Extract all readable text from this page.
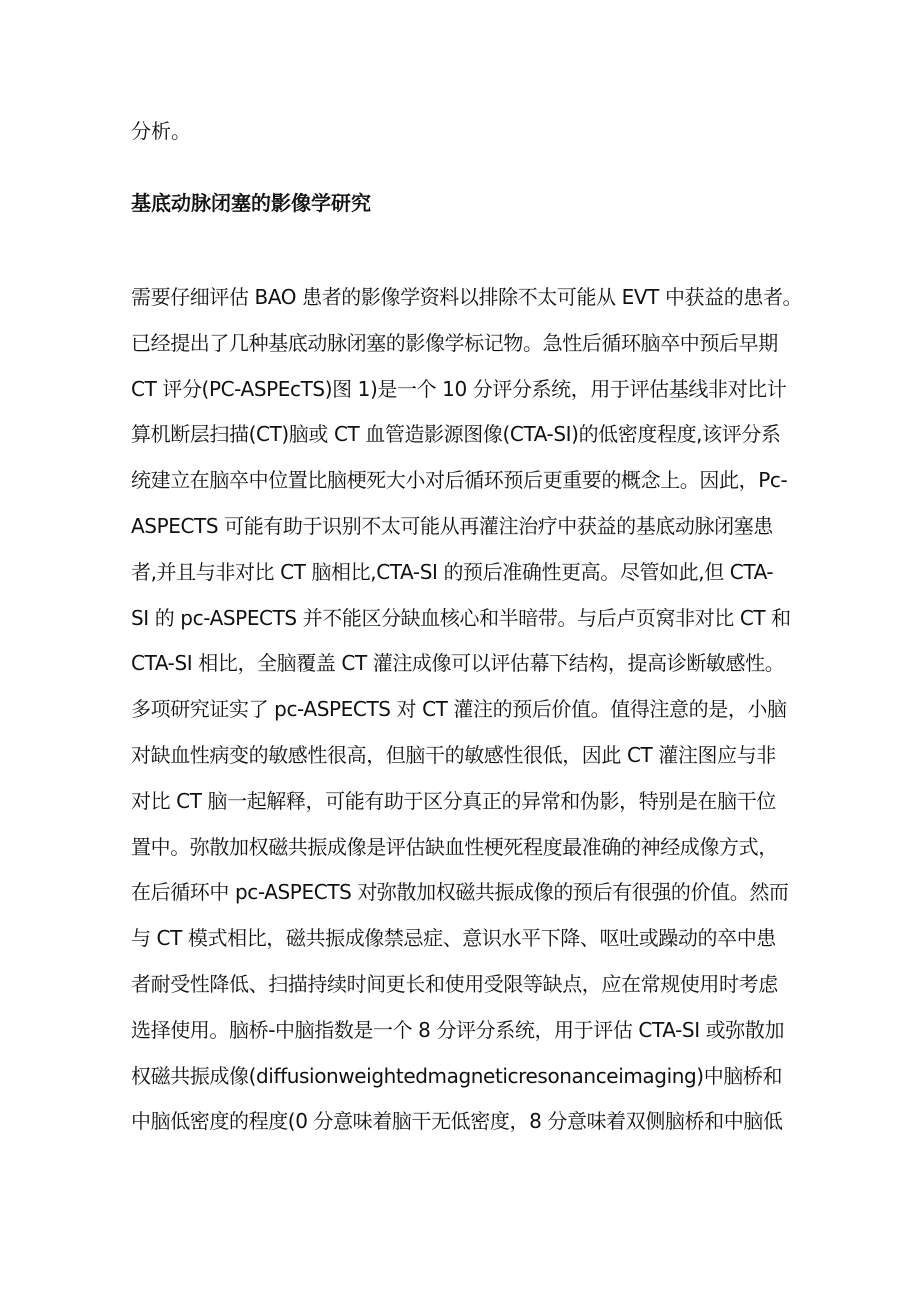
分析。
基底动脉闭塞的影像学研究
需要仔细评估 BAO 患者的影像学资料以排除不太可能从 EVT 中获益的患者。
已经提出了几种基底动脉闭塞的影像学标记物。急性后循环脑卒中预后早期
CT 评分(PC-ASPEcTS)图 1)是一个 10 分评分系统，用于评估基线非对比计
算机断层扫描(CT)脑或 CT 血管造影源图像(CTA-SI)的低密度程度,该评分系
统建立在脑卒中位置比脑梗死大小对后循环预后更重要的概念上。因此，Pc-
ASPECTS 可能有助于识别不太可能从再灌注治疗中获益的基底动脉闭塞患
者,并且与非对比 CT 脑相比,CTA-SI 的预后准确性更高。尽管如此,但 CTA-
SI 的 pc-ASPECTS 并不能区分缺血核心和半暗带。与后卢页窝非对比 CT 和
CTA-SI 相比，全脑覆盖 CT 灌注成像可以评估幕下结构，提高诊断敏感性。
多项研究证实了 pc-ASPECTS 对 CT 灌注的预后价值。值得注意的是，小脑
对缺血性病变的敏感性很高，但脑干的敏感性很低，因此 CT 灌注图应与非
对比 CT 脑一起解释，可能有助于区分真正的异常和伪影，特别是在脑干位
置中。弥散加权磁共振成像是评估缺血性梗死程度最准确的神经成像方式，
在后循环中 pc-ASPECTS 对弥散加权磁共振成像的预后有很强的价值。然而
与 CT 模式相比，磁共振成像禁忌症、意识水平下降、呕吐或躁动的卒中患
者耐受性降低、扫描持续时间更长和使用受限等缺点，应在常规使用时考虑
选择使用。脑桥-中脑指数是一个 8 分评分系统，用于评估 CTA-SI 或弥散加
权磁共振成像(diffusionweightedmagneticresonanceimaging)中脑桥和
中脑低密度的程度(0 分意味着脑干无低密度，8 分意味着双侧脑桥和中脑低
